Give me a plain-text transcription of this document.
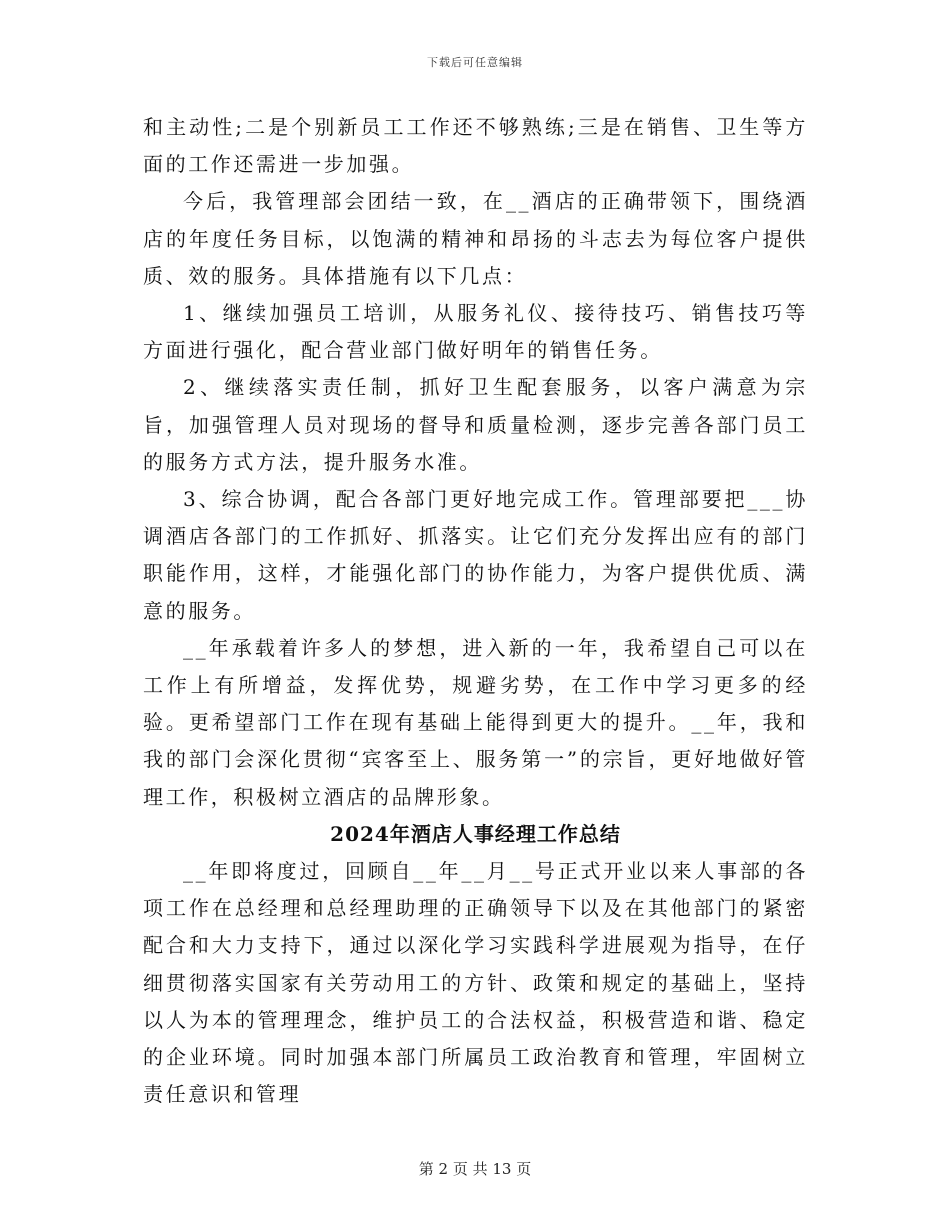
下载后可任意编辑

和主动性;二是个别新员工工作还不够熟练;三是在销售、卫生等方面的工作还需进一步加强。

今后，我管理部会团结一致，在__酒店的正确带领下，围绕酒店的年度任务目标，以饱满的精神和昂扬的斗志去为每位客户提供质、效的服务。具体措施有以下几点：

1、继续加强员工培训，从服务礼仪、接待技巧、销售技巧等方面进行强化，配合营业部门做好明年的销售任务。

2、继续落实责任制，抓好卫生配套服务，以客户满意为宗旨，加强管理人员对现场的督导和质量检测，逐步完善各部门员工的服务方式方法，提升服务水准。

3、综合协调，配合各部门更好地完成工作。管理部要把___协调酒店各部门的工作抓好、抓落实。让它们充分发挥出应有的部门职能作用，这样，才能强化部门的协作能力，为客户提供优质、满意的服务。

__年承载着许多人的梦想，进入新的一年，我希望自己可以在工作上有所增益，发挥优势，规避劣势，在工作中学习更多的经验。更希望部门工作在现有基础上能得到更大的提升。__年，我和我的部门会深化贯彻“宾客至上、服务第一”的宗旨，更好地做好管理工作，积极树立酒店的品牌形象。

2024年酒店人事经理工作总结

__年即将度过，回顾自__年__月__号正式开业以来人事部的各项工作在总经理和总经理助理的正确领导下以及在其他部门的紧密配合和大力支持下，通过以深化学习实践科学进展观为指导，在仔细贯彻落实国家有关劳动用工的方针、政策和规定的基础上，坚持以人为本的管理理念，维护员工的合法权益，积极营造和谐、稳定的企业环境。同时加强本部门所属员工政治教育和管理，牢固树立责任意识和管理

第 2 页 共 13 页
